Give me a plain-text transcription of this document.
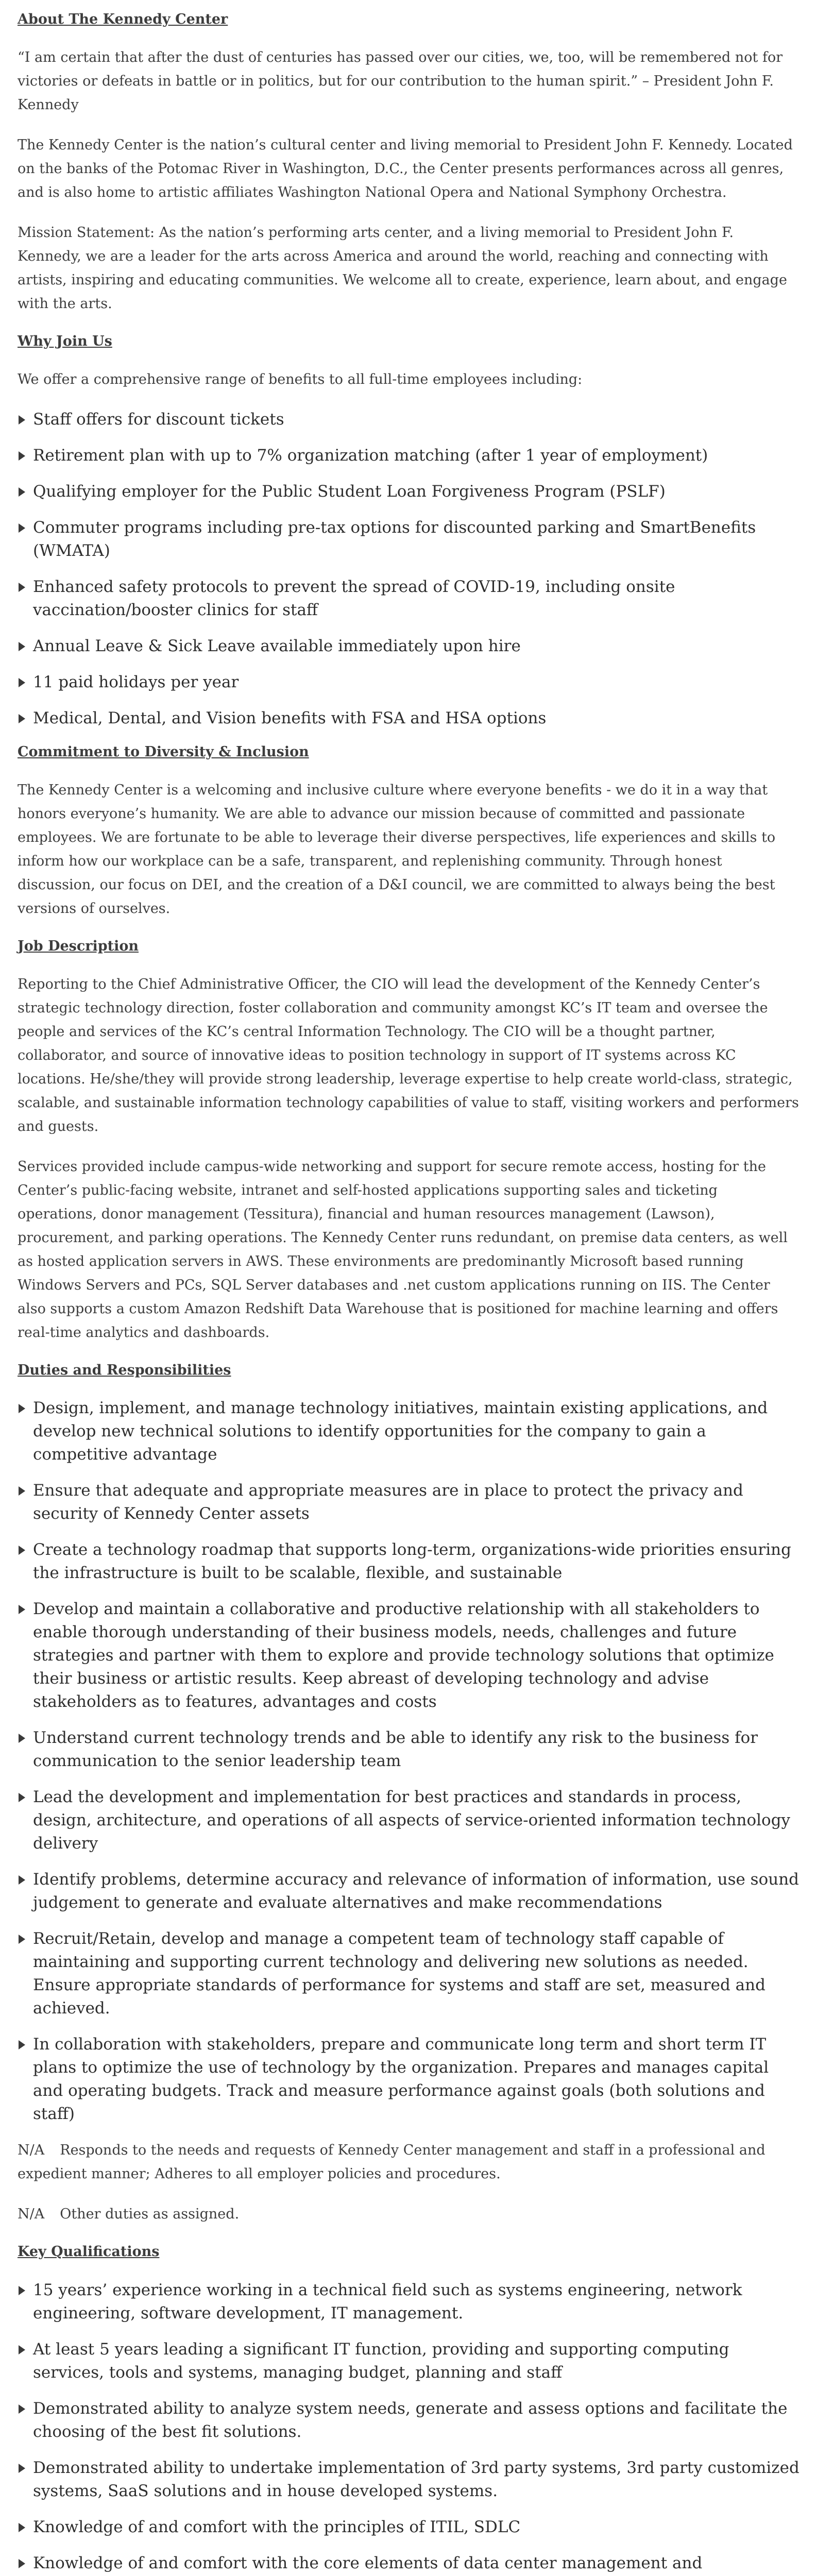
About The Kennedy Center

“I am certain that after the dust of centuries has passed over our cities, we, too, will be remembered not for victories or defeats in battle or in politics, but for our contribution to the human spirit.” – President John F. Kennedy

The Kennedy Center is the nation’s cultural center and living memorial to President John F. Kennedy. Located on the banks of the Potomac River in Washington, D.C., the Center presents performances across all genres, and is also home to artistic affiliates Washington National Opera and National Symphony Orchestra.

Mission Statement: As the nation’s performing arts center, and a living memorial to President John F. Kennedy, we are a leader for the arts across America and around the world, reaching and connecting with artists, inspiring and educating communities. We welcome all to create, experience, learn about, and engage with the arts.

Why Join Us

We offer a comprehensive range of benefits to all full-time employees including:

Staff offers for discount tickets
Retirement plan with up to 7% organization matching (after 1 year of employment)
Qualifying employer for the Public Student Loan Forgiveness Program (PSLF)
Commuter programs including pre-tax options for discounted parking and SmartBenefits (WMATA)
Enhanced safety protocols to prevent the spread of COVID-19, including onsite vaccination/booster clinics for staff
Annual Leave & Sick Leave available immediately upon hire
11 paid holidays per year
Medical, Dental, and Vision benefits with FSA and HSA options
Commitment to Diversity & Inclusion

The Kennedy Center is a welcoming and inclusive culture where everyone benefits - we do it in a way that honors everyone’s humanity. We are able to advance our mission because of committed and passionate employees. We are fortunate to be able to leverage their diverse perspectives, life experiences and skills to inform how our workplace can be a safe, transparent, and replenishing community. Through honest discussion, our focus on DEI, and the creation of a D&I council, we are committed to always being the best versions of ourselves.

Job Description

Reporting to the Chief Administrative Officer, the CIO will lead the development of the Kennedy Center’s strategic technology direction, foster collaboration and community amongst KC’s IT team and oversee the people and services of the KC’s central Information Technology. The CIO will be a thought partner, collaborator, and source of innovative ideas to position technology in support of IT systems across KC locations. He/she/they will provide strong leadership, leverage expertise to help create world-class, strategic, scalable, and sustainable information technology capabilities of value to staff, visiting workers and performers and guests.

Services provided include campus-wide networking and support for secure remote access, hosting for the Center’s public-facing website, intranet and self-hosted applications supporting sales and ticketing operations, donor management (Tessitura), financial and human resources management (Lawson), procurement, and parking operations. The Kennedy Center runs redundant, on premise data centers, as well as hosted application servers in AWS. These environments are predominantly Microsoft based running Windows Servers and PCs, SQL Server databases and .net custom applications running on IIS. The Center also supports a custom Amazon Redshift Data Warehouse that is positioned for machine learning and offers real-time analytics and dashboards.

Duties and Responsibilities
Design, implement, and manage technology initiatives, maintain existing applications, and develop new technical solutions to identify opportunities for the company to gain a competitive advantage
Ensure that adequate and appropriate measures are in place to protect the privacy and security of Kennedy Center assets
Create a technology roadmap that supports long-term, organizations-wide priorities ensuring the infrastructure is built to be scalable, flexible, and sustainable
Develop and maintain a collaborative and productive relationship with all stakeholders to enable thorough understanding of their business models, needs, challenges and future strategies and partner with them to explore and provide technology solutions that optimize their business or artistic results. Keep abreast of developing technology and advise stakeholders as to features, advantages and costs
Understand current technology trends and be able to identify any risk to the business for communication to the senior leadership team
Lead the development and implementation for best practices and standards in process, design, architecture, and operations of all aspects of service-oriented information technology delivery
Identify problems, determine accuracy and relevance of information of information, use sound judgement to generate and evaluate alternatives and make recommendations
Recruit/Retain, develop and manage a competent team of technology staff capable of maintaining and supporting current technology and delivering new solutions as needed. Ensure appropriate standards of performance for systems and staff are set, measured and achieved.
In collaboration with stakeholders, prepare and communicate long term and short term IT plans to optimize the use of technology by the organization. Prepares and manages capital and operating budgets. Track and measure performance against goals (both solutions and staff)

N/A Responds to the needs and requests of Kennedy Center management and staff in a professional and expedient manner; Adheres to all employer policies and procedures.

N/A Other duties as assigned.

Key Qualifications
15 years’ experience working in a technical field such as systems engineering, network engineering, software development, IT management.
At least 5 years leading a significant IT function, providing and supporting computing services, tools and systems, managing budget, planning and staff
Demonstrated ability to analyze system needs, generate and assess options and facilitate the choosing of the best fit solutions.
Demonstrated ability to undertake implementation of 3rd party systems, 3rd party customized systems, SaaS solutions and in house developed systems.
Knowledge of and comfort with the principles of ITIL, SDLC
Knowledge of and comfort with the core elements of data center management and
